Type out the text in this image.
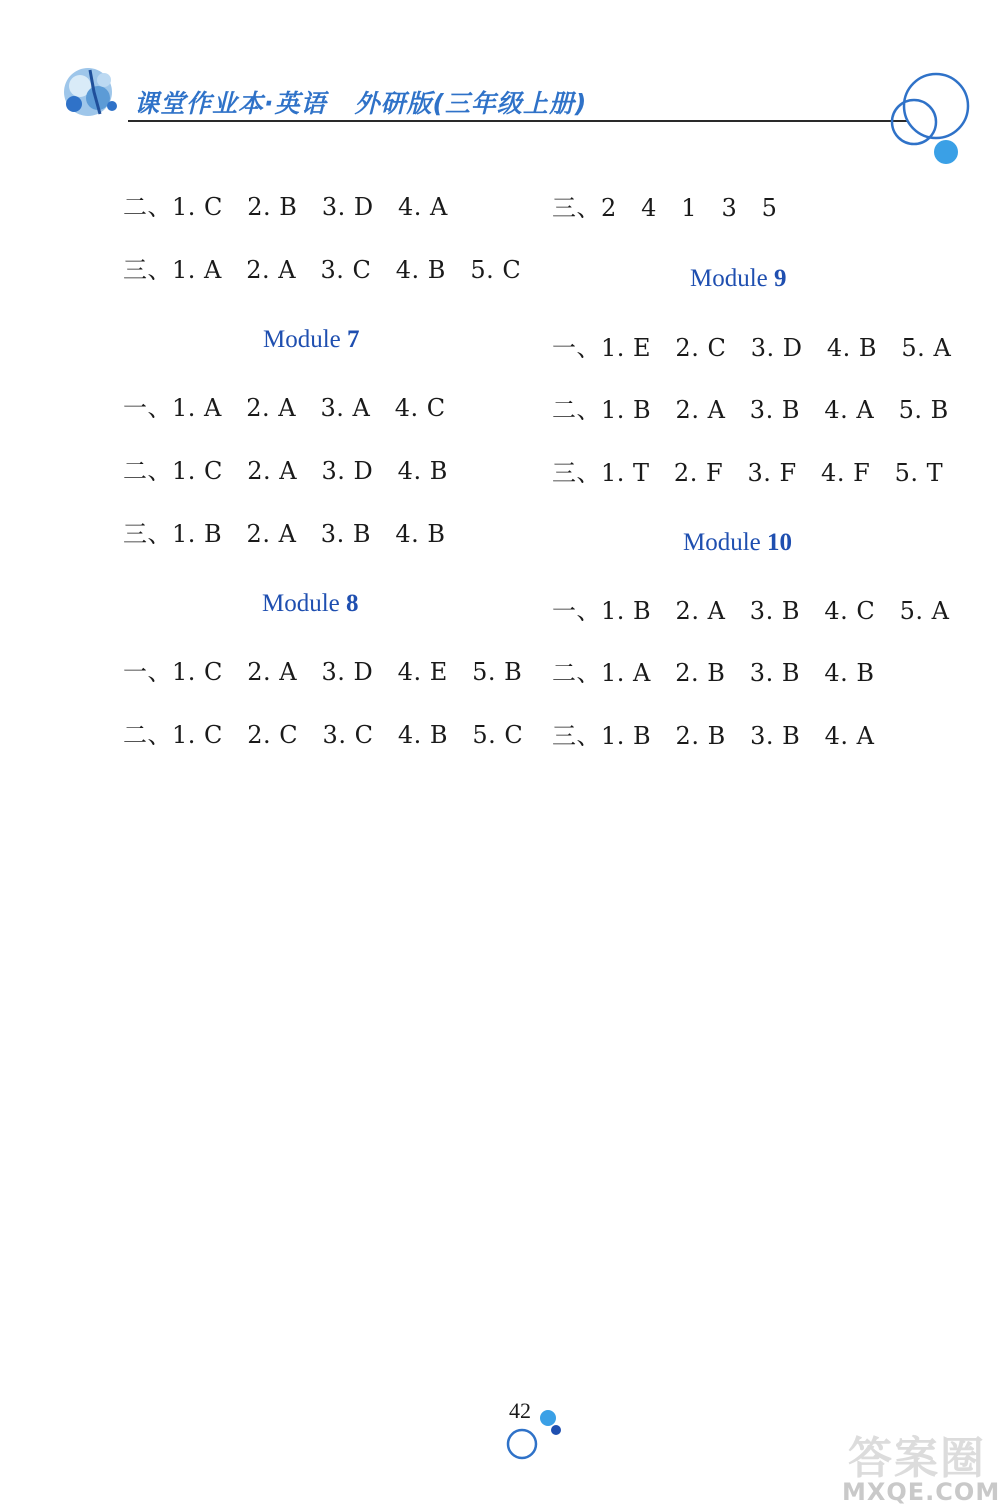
课堂作业本·英语 外研版(三年级上册)
二、1. C   2. B   3. D   4. A
三、1. A   2. A   3. C   4. B   5. C
Module 7
一、1. A   2. A   3. A   4. C
二、1. C   2. A   3. D   4. B
三、1. B   2. A   3. B   4. B
Module 8
一、1. C   2. A   3. D   4. E   5. B
二、1. C   2. C   3. C   4. B   5. C
三、2   4   1   3   5
Module 9
一、1. E   2. C   3. D   4. B   5. A
二、1. B   2. A   3. B   4. A   5. B
三、1. T   2. F   3. F   4. F   5. T
Module 10
一、1. B   2. A   3. B   4. C   5. A
二、1. A   2. B   3. B   4. B
三、1. B   2. B   3. B   4. A
42
答案圈
MXQE.COM
